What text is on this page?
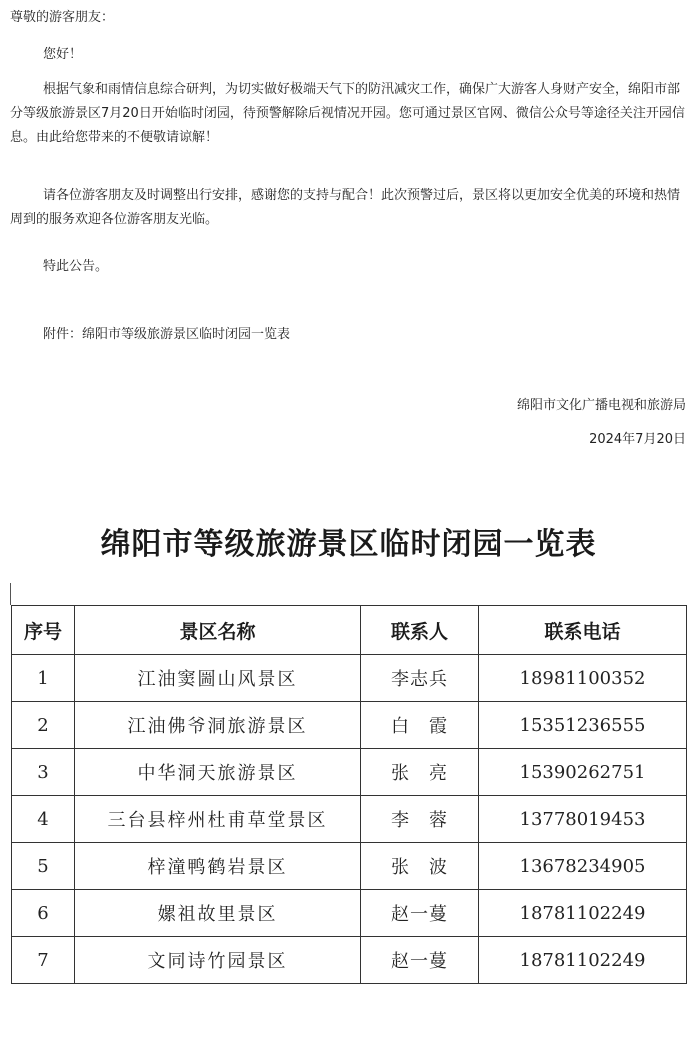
尊敬的游客朋友：

您好！

根据气象和雨情信息综合研判，为切实做好极端天气下的防汛减灾工作，确保广大游客人身财产安全，绵阳市部分等级旅游景区7月20日开始临时闭园，待预警解除后视情况开园。您可通过景区官网、微信公众号等途径关注开园信息。由此给您带来的不便敬请谅解！

请各位游客朋友及时调整出行安排，感谢您的支持与配合！此次预警过后，景区将以更加安全优美的环境和热情周到的服务欢迎各位游客朋友光临。

特此公告。

附件：绵阳市等级旅游景区临时闭园一览表

绵阳市文化广播电视和旅游局

2024年7月20日

绵阳市等级旅游景区临时闭园一览表
序号	景区名称	联系人	联系电话
1	江油窦圌山风景区	李志兵	18981100352
2	江油佛爷洞旅游景区	白　霞	15351236555
3	中华洞天旅游景区	张　亮	15390262751
4	三台县梓州杜甫草堂景区	李　蓉	13778019453
5	梓潼鸭鹤岩景区	张　波	13678234905
6	嫘祖故里景区	赵一蔓	18781102249
7	文同诗竹园景区	赵一蔓	18781102249
